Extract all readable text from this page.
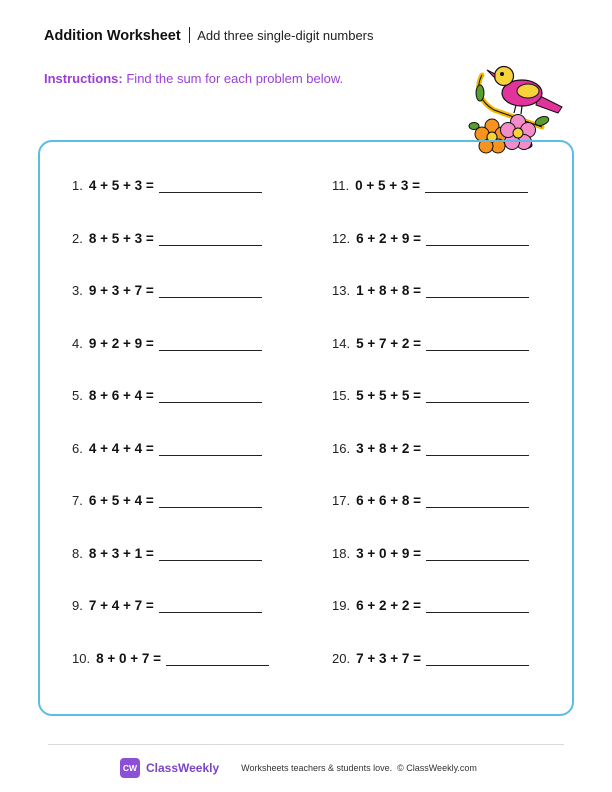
Addition Worksheet Add three single-digit numbers
Instructions: Find the sum for each problem below.
1. 4 + 5 + 3 =
2. 8 + 5 + 3 =
3. 9 + 3 + 7 =
4. 9 + 2 + 9 =
5. 8 + 6 + 4 =
6. 4 + 4 + 4 =
7. 6 + 5 + 4 =
8. 8 + 3 + 1 =
9. 7 + 4 + 7 =
10. 8 + 0 + 7 =
11. 0 + 5 + 3 =
12. 6 + 2 + 9 =
13. 1 + 8 + 8 =
14. 5 + 7 + 2 =
15. 5 + 5 + 5 =
16. 3 + 8 + 2 =
17. 6 + 6 + 8 =
18. 3 + 0 + 9 =
19. 6 + 2 + 2 =
20. 7 + 3 + 7 =
CW ClassWeekly Worksheets teachers & students love. © ClassWeekly.com
